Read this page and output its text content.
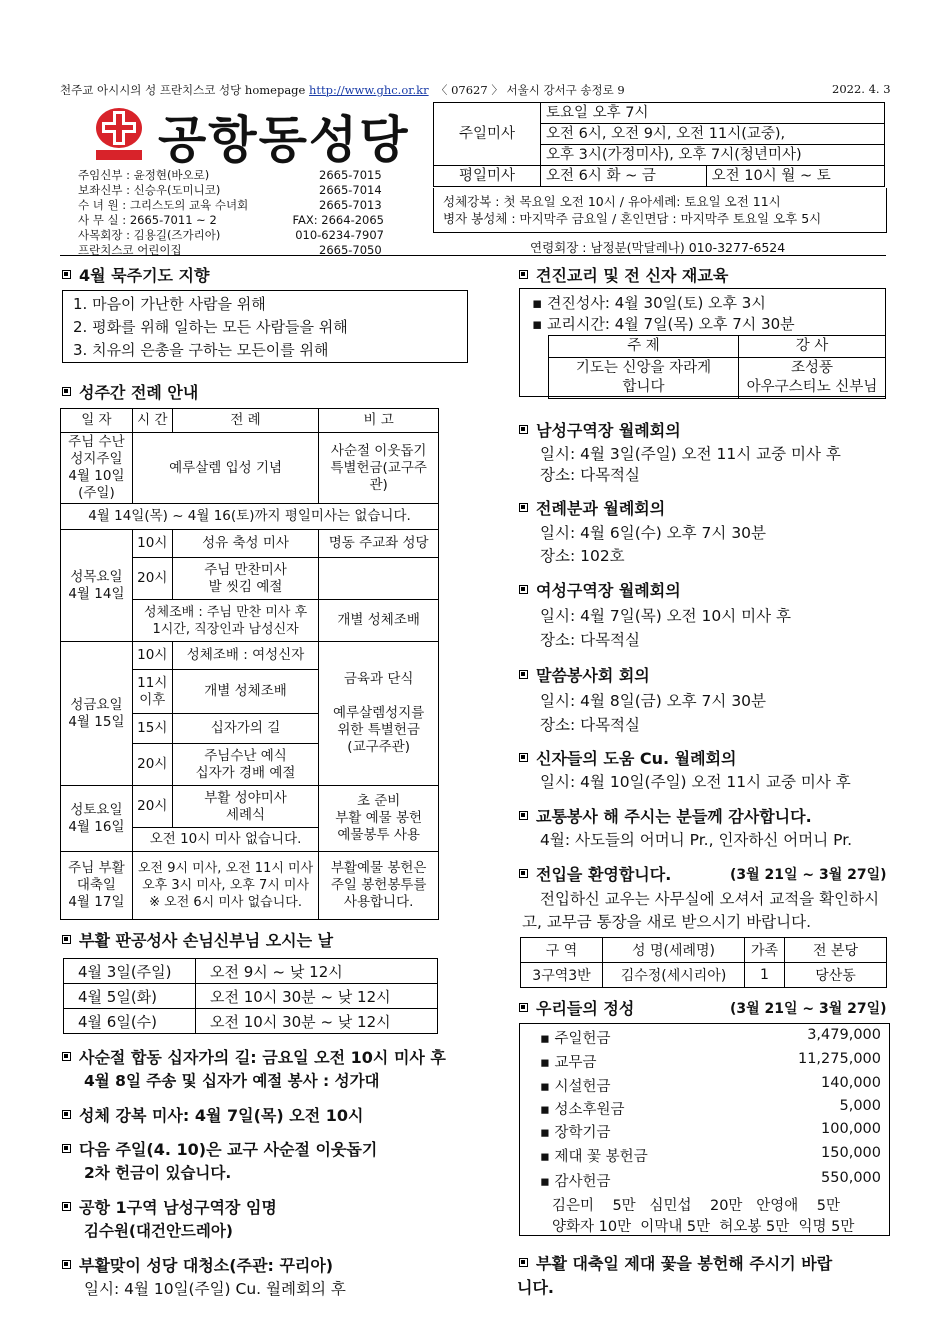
천주교 아시시의 성 프란치스코 성당 homepage http://www.ghc.or.kr 〈 07627 〉 서울시 강서구 송정로 9	2022. 4. 3
공항동성당
주임신부 : 윤정현(바오로)	2665-7015
보좌신부 : 신승우(도미니코)	2665-7014
수 녀 원 : 그리스도의 교육 수녀회	2665-7013
사 무 실 : 2665-7011 ~ 2	FAX: 2664-2065
사목회장 : 김용길(즈가리아)	010-6234-7907
프란치스코 어린이집	2665-7050
주일미사	토요일 오후 7시	
	오전 6시, 오전 9시, 오전 11시(교중),	
	오후 3시(가정미사), 오후 7시(청년미사)	
평일미사	오전 6시 화 ~ 금	오전 10시 월 ~ 토
성체강복 : 첫 목요일 오전 10시 / 유아세례: 토요일 오전 11시
병자 봉성체 : 마지막주 금요일 / 혼인면담 : 마지막주 토요일 오후 5시
연령회장 : 남정분(막달레나) 010-3277-6524
4월 묵주기도 지향
1. 마음이 가난한 사람을 위해
2. 평화를 위해 일하는 모든 사람들을 위해
3. 치유의 은총을 구하는 모든이를 위해
성주간 전례 안내
일 자	시 간	전 례	비 고
주님 수난 성지주일
4월 10일(주일)	예루살렘 입성 기념		사순절 이웃돕기
특별헌금(교구주관)
4월 14일(목) ~ 4월 16(토)까지 평일미사는 없습니다.			
성목요일
4월 14일	10시	성유 축성 미사	명동 주교좌 성당
	20시	주님 만찬미사
발 씻김 예절	
	성체조배 : 주님 만찬 미사 후
1시간, 직장인과 남성신자		개별 성체조배
성금요일
4월 15일	10시	성체조배 : 여성신자	금육과 단식

예루살렘성지를
위한 특별헌금
(교구주관)
	11시
이후	개별 성체조배	
	15시	십자가의 길	
	20시	주님수난 예식
십자가 경배 예절	
성토요일
4월 16일	20시	부활 성야미사
세례식	초 준비
부활 예물 봉헌
예물봉투 사용
	오전 10시 미사 없습니다.		
주님 부활
대축일
4월 17일	오전 9시 미사, 오전 11시 미사
오후 3시 미사, 오후 7시 미사
※ 오전 6시 미사 없습니다.		부활예물 봉헌은
주일 봉헌봉투를
사용합니다.
부활 판공성사 손님신부님 오시는 날
4월 3일(주일)	오전 9시 ~ 낮 12시
4월 5일(화)	오전 10시 30분 ~ 낮 12시
4월 6일(수)	오전 10시 30분 ~ 낮 12시
사순절 합동 십자가의 길: 금요일 오전 10시 미사 후
4월 8일 주송 및 십자가 예절 봉사 : 성가대
성체 강복 미사: 4월 7일(목) 오전 10시
다음 주일(4. 10)은 교구 사순절 이웃돕기
2차 헌금이 있습니다.
공항 1구역 남성구역장 임명
김수원(대건안드레아)
부활맞이 성당 대청소(주관: 꾸리아)
일시: 4월 10일(주일) Cu. 월례회의 후
견진교리 및 전 신자 재교육
▪ 견진성사: 4월 30일(토) 오후 3시
▪ 교리시간: 4월 7일(목) 오후 7시 30분
주 제	강 사
기도는 신앙을 자라게
합니다	조성풍
아우구스티노 신부님
남성구역장 월례회의
일시: 4월 3일(주일) 오전 11시 교중 미사 후
장소: 다목적실
전례분과 월례회의
일시: 4월 6일(수) 오후 7시 30분
장소: 102호
여성구역장 월례회의
일시: 4월 7일(목) 오전 10시 미사 후
장소: 다목적실
말씀봉사회 회의
일시: 4월 8일(금) 오후 7시 30분
장소: 다목적실
신자들의 도움 Cu. 월례회의
일시: 4월 10일(주일) 오전 11시 교중 미사 후
교통봉사 해 주시는 분들께 감사합니다.
4월: 사도들의 어머니 Pr., 인자하신 어머니 Pr.
전입을 환영합니다.	(3월 21일 ~ 3월 27일)
전입하신 교우는 사무실에 오셔서 교적을 확인하시
고, 교무금 통장을 새로 받으시기 바랍니다.
구 역	성 명(세례명)	가족	전 본당
3구역3반	김수정(세시리아)	1	당산동
우리들의 정성	(3월 21일 ~ 3월 27일)
▪ 주일헌금	3,479,000
▪ 교무금	11,275,000
▪ 시설헌금	140,000
▪ 성소후원금	5,000
▪ 장학기금	100,000
▪ 제대 꽃 봉헌금	150,000
▪ 감사헌금	550,000
김은미    5만   심민섭    20만   안영애    5만
양화자 10만  이막내 5만  허오봉 5만  익명 5만
부활 대축일 제대 꽃을 봉헌해 주시기 바랍
니다.
